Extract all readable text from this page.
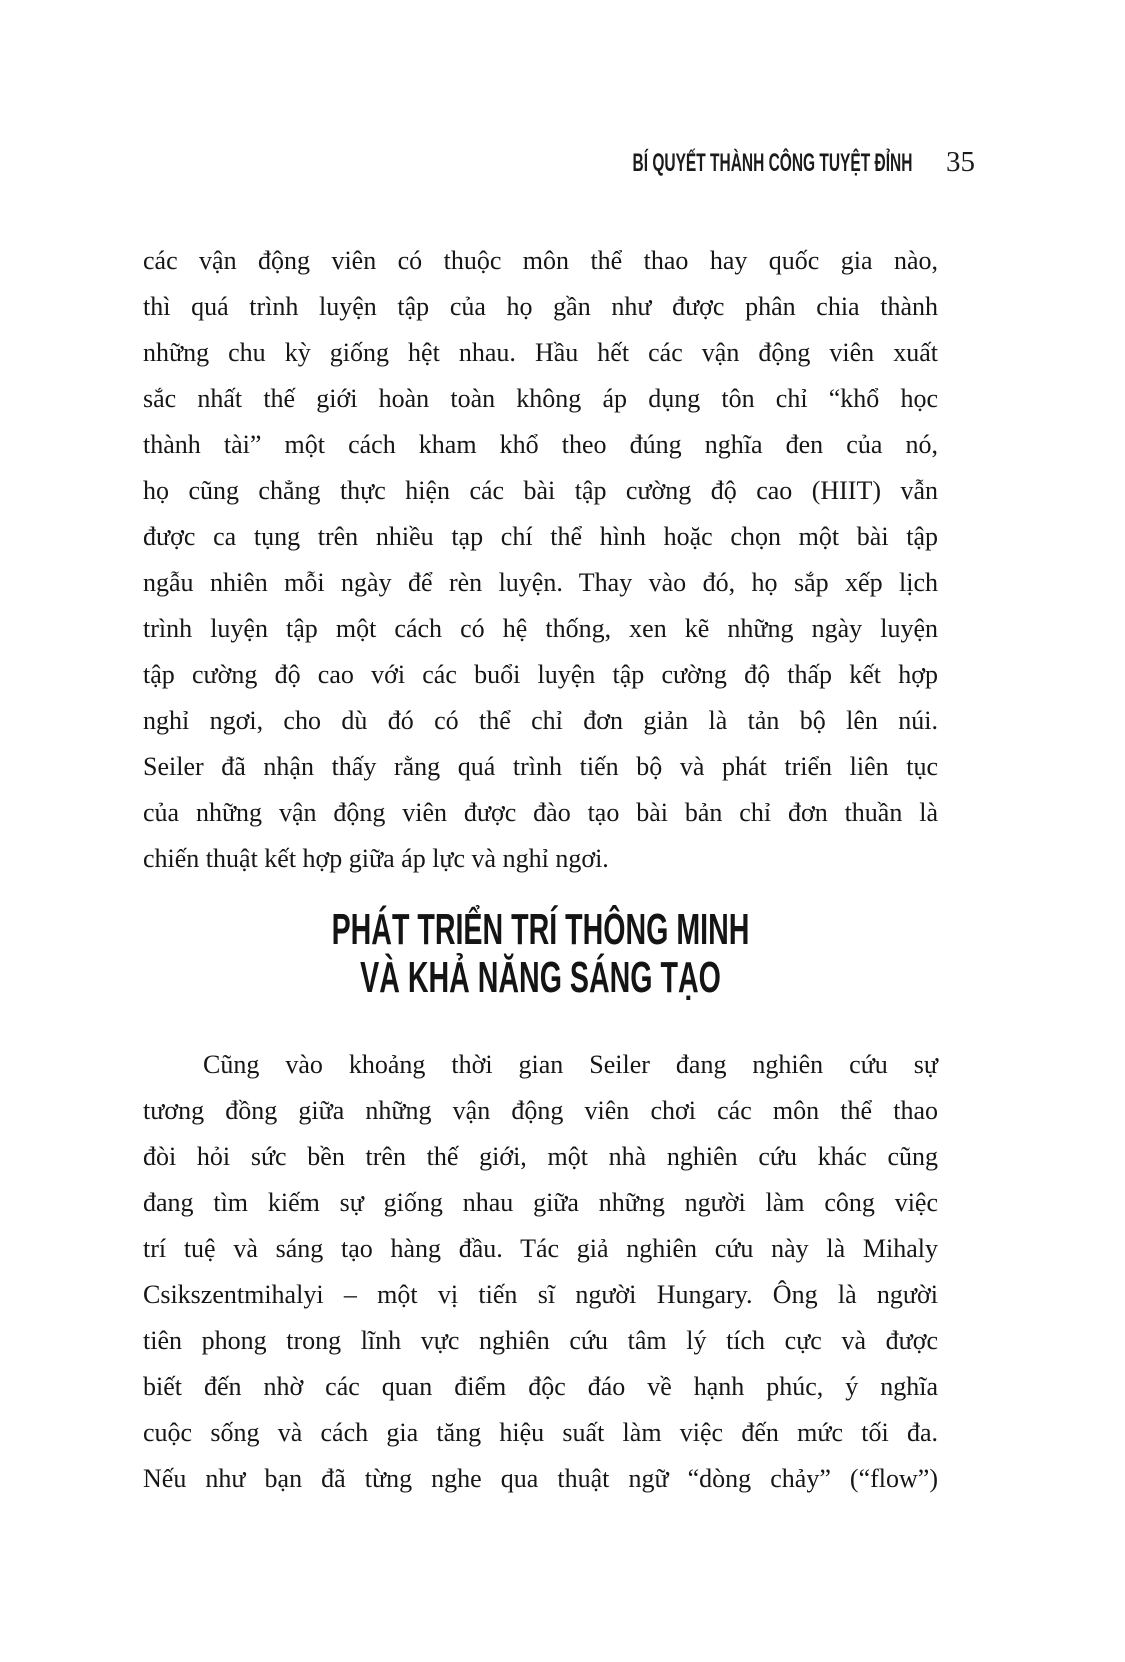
BÍ QUYẾT THÀNH CÔNG TUYỆT ĐỈNH 35
các vận động viên có thuộc môn thể thao hay quốc gia nào,
thì quá trình luyện tập của họ gần như được phân chia thành
những chu kỳ giống hệt nhau. Hầu hết các vận động viên xuất
sắc nhất thế giới hoàn toàn không áp dụng tôn chỉ “khổ học
thành tài” một cách kham khổ theo đúng nghĩa đen của nó,
họ cũng chẳng thực hiện các bài tập cường độ cao (HIIT) vẫn
được ca tụng trên nhiều tạp chí thể hình hoặc chọn một bài tập
ngẫu nhiên mỗi ngày để rèn luyện. Thay vào đó, họ sắp xếp lịch
trình luyện tập một cách có hệ thống, xen kẽ những ngày luyện
tập cường độ cao với các buổi luyện tập cường độ thấp kết hợp
nghỉ ngơi, cho dù đó có thể chỉ đơn giản là tản bộ lên núi.
Seiler đã nhận thấy rằng quá trình tiến bộ và phát triển liên tục
của những vận động viên được đào tạo bài bản chỉ đơn thuần là
chiến thuật kết hợp giữa áp lực và nghỉ ngơi.
PHÁT TRIỂN TRÍ THÔNG MINH
VÀ KHẢ NĂNG SÁNG TẠO
Cũng vào khoảng thời gian Seiler đang nghiên cứu sự
tương đồng giữa những vận động viên chơi các môn thể thao
đòi hỏi sức bền trên thế giới, một nhà nghiên cứu khác cũng
đang tìm kiếm sự giống nhau giữa những người làm công việc
trí tuệ và sáng tạo hàng đầu. Tác giả nghiên cứu này là Mihaly
Csikszentmihalyi – một vị tiến sĩ người Hungary. Ông là người
tiên phong trong lĩnh vực nghiên cứu tâm lý tích cực và được
biết đến nhờ các quan điểm độc đáo về hạnh phúc, ý nghĩa
cuộc sống và cách gia tăng hiệu suất làm việc đến mức tối đa.
Nếu như bạn đã từng nghe qua thuật ngữ “dòng chảy” (“flow”)
